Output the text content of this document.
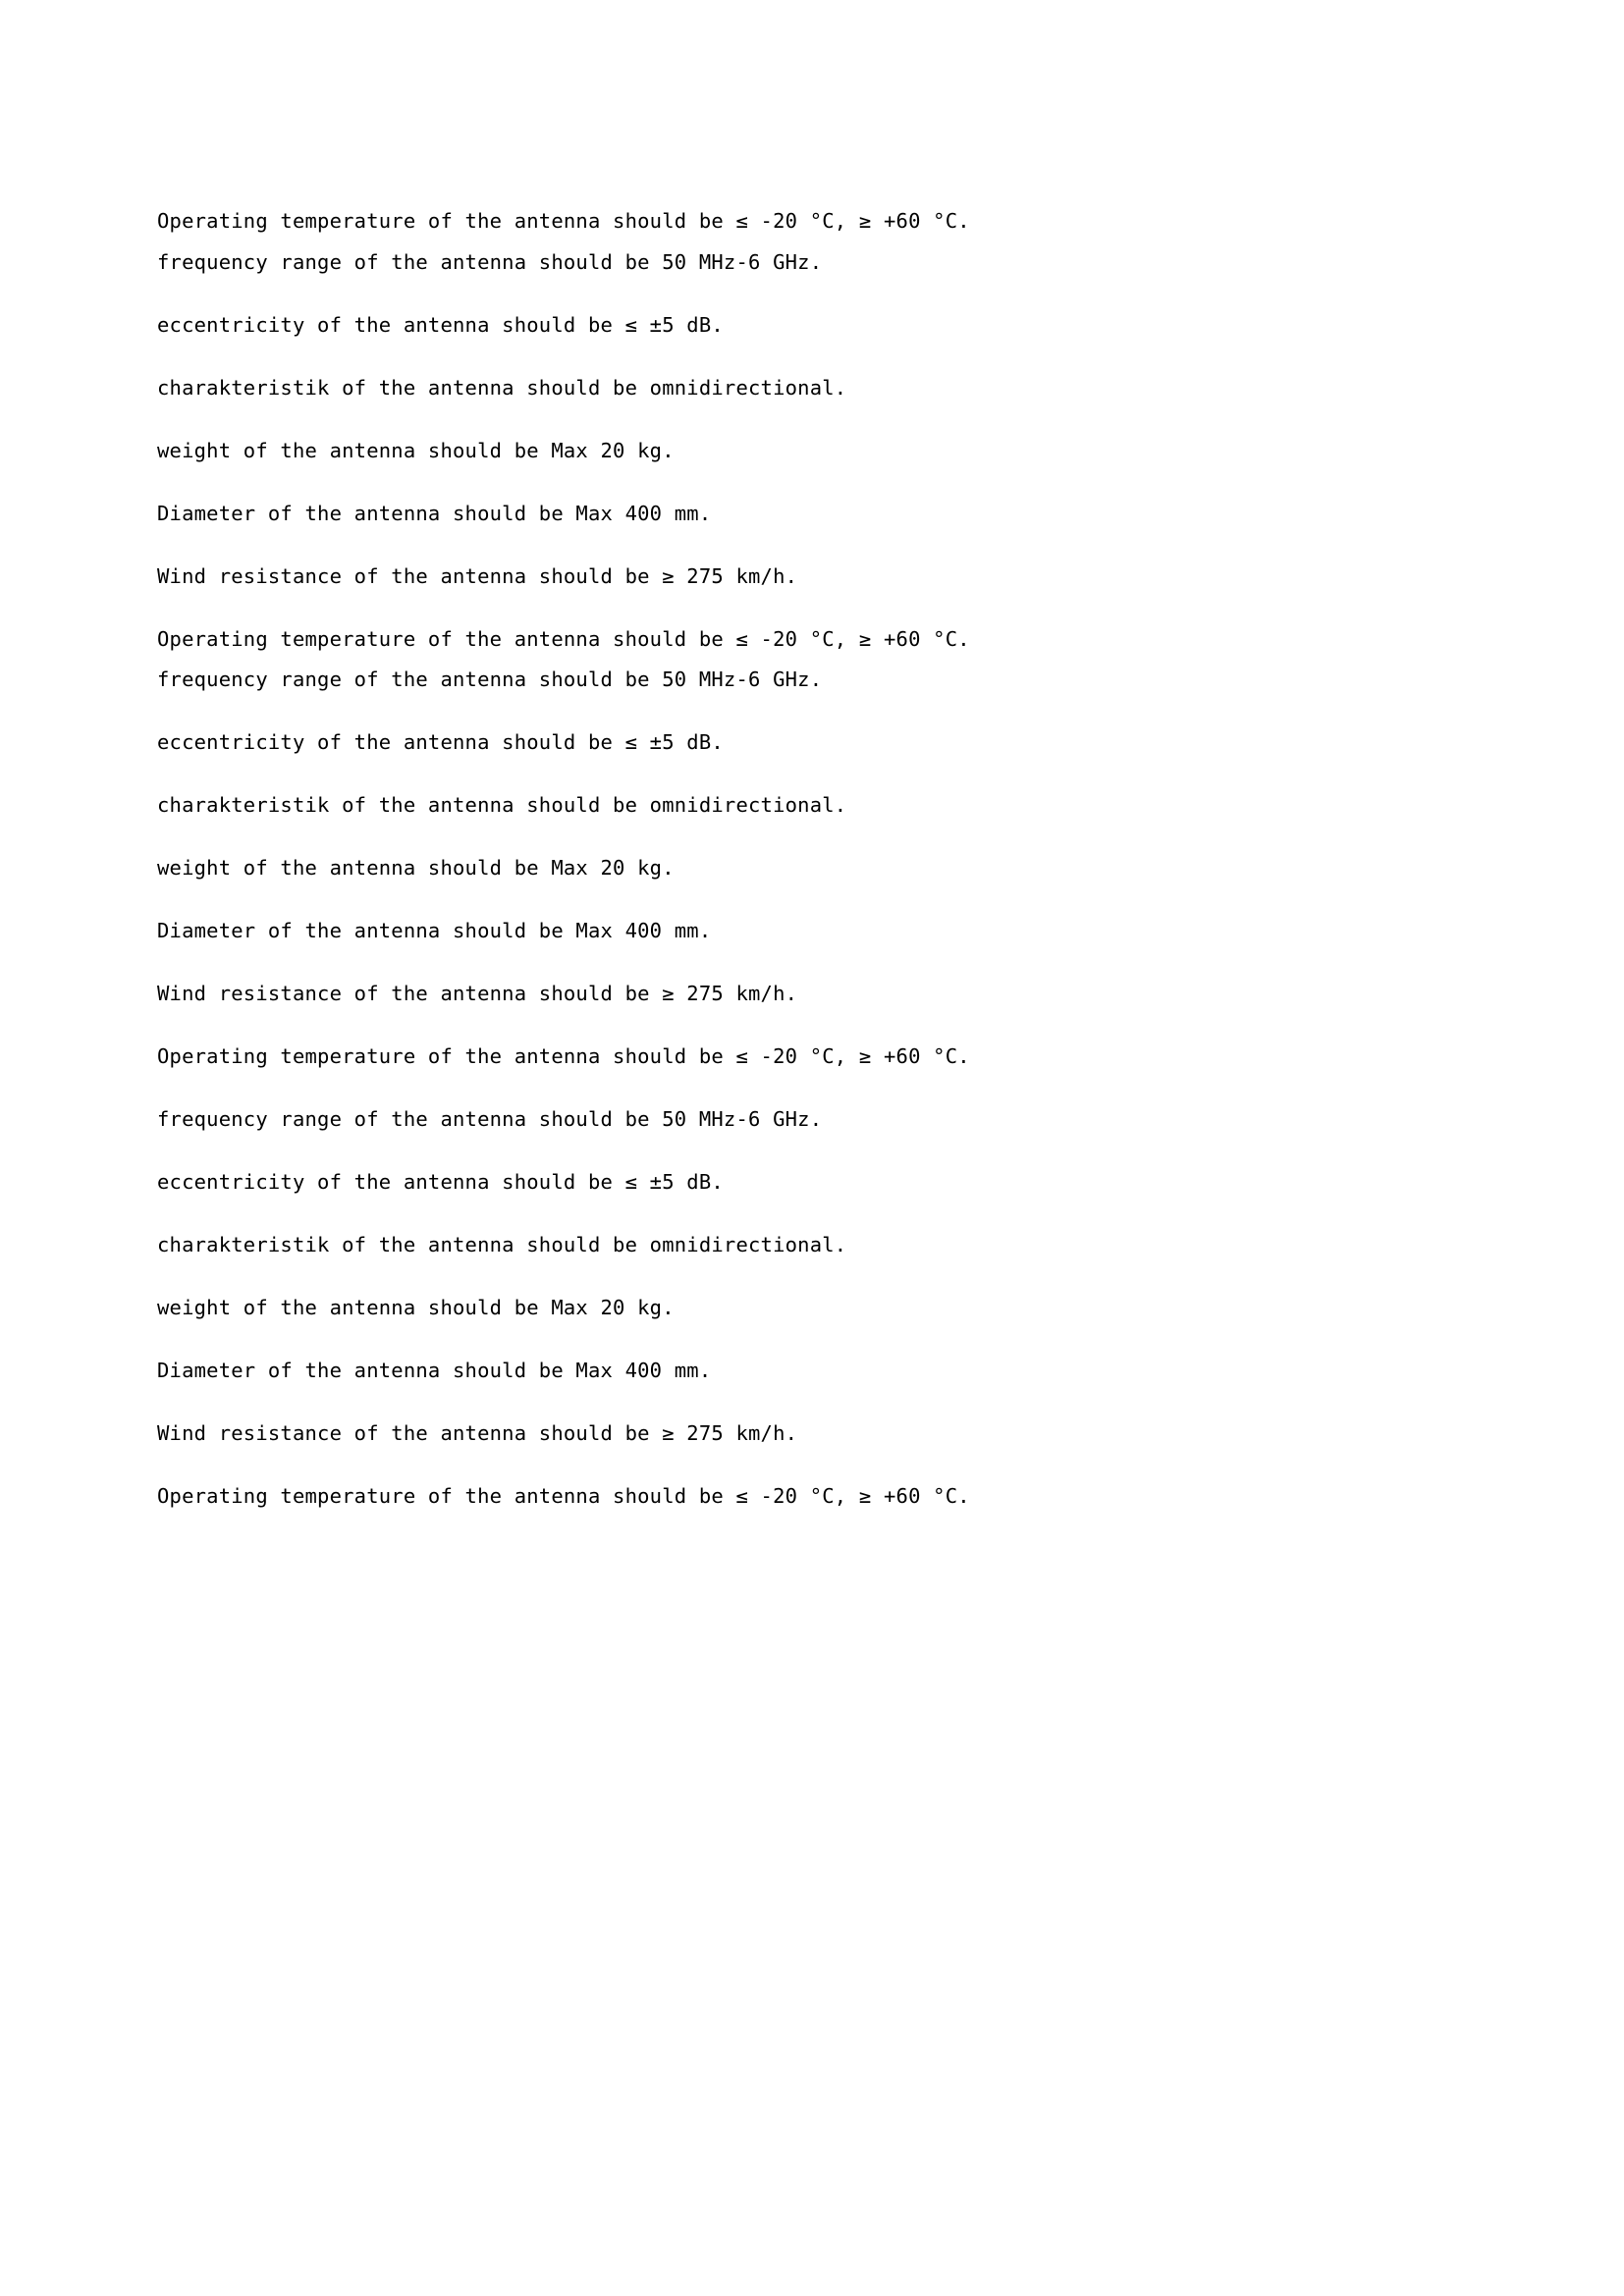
Operating temperature of the antenna should be ≤ -20 °C, ≥ +60 °C.

frequency range of the antenna should be 50 MHz-6 GHz.

eccentricity of the antenna should be ≤ ±5 dB.

charakteristik of the antenna should be omnidirectional.

weight of the antenna should be Max 20 kg.

Diameter of the antenna should be Max 400 mm.

Wind resistance of the antenna should be ≥ 275 km/h.

Operating temperature of the antenna should be ≤ -20 °C, ≥ +60 °C.

frequency range of the antenna should be 50 MHz-6 GHz.

eccentricity of the antenna should be ≤ ±5 dB.

charakteristik of the antenna should be omnidirectional.

weight of the antenna should be Max 20 kg.

Diameter of the antenna should be Max 400 mm.

Wind resistance of the antenna should be ≥ 275 km/h.

Operating temperature of the antenna should be ≤ -20 °C, ≥ +60 °C.

frequency range of the antenna should be 50 MHz-6 GHz.

eccentricity of the antenna should be ≤ ±5 dB.

charakteristik of the antenna should be omnidirectional.

weight of the antenna should be Max 20 kg.

Diameter of the antenna should be Max 400 mm.

Wind resistance of the antenna should be ≥ 275 km/h.

Operating temperature of the antenna should be ≤ -20 °C, ≥ +60 °C.
